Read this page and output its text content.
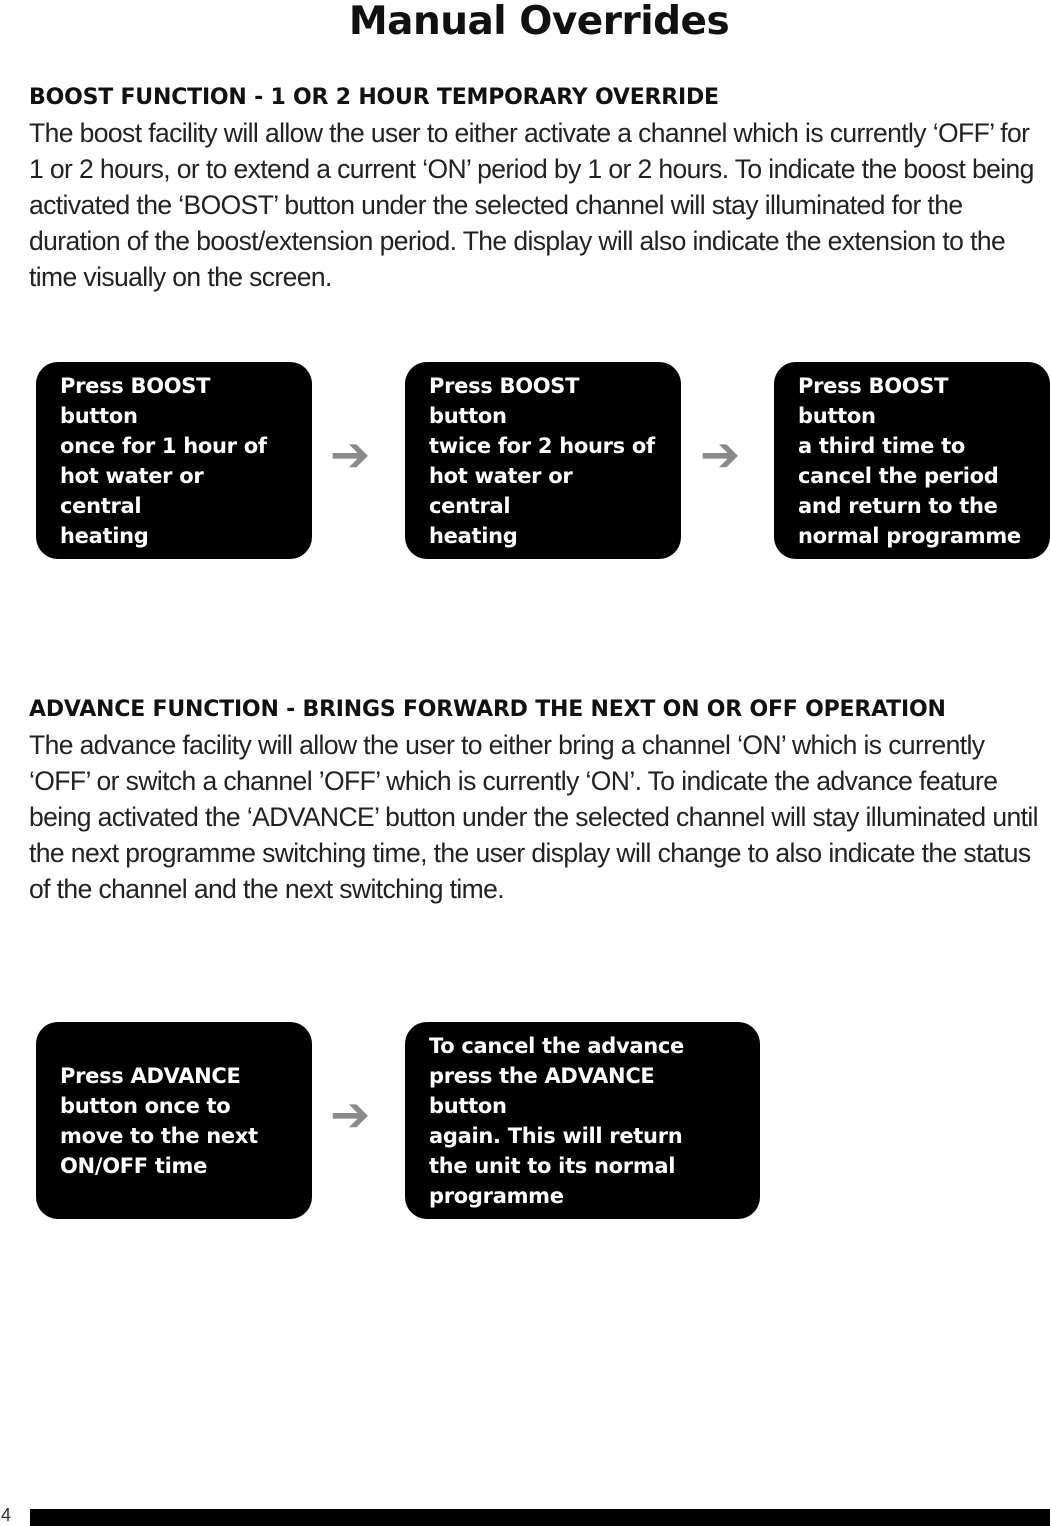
Manual Overrides
BOOST FUNCTION - 1 OR 2 HOUR TEMPORARY OVERRIDE
The boost facility will allow the user to either activate a channel which is currently ‘OFF’ for 1 or 2 hours, or to extend a current ‘ON’ period by 1 or 2 hours. To indicate the boost being activated the ‘BOOST’ button under the selected channel will stay illuminated for the duration of the boost/extension period. The display will also indicate the extension to the time visually on the screen.
Press BOOST button
once for 1 hour of
hot water or central
heating
➔
Press BOOST button
twice for 2 hours of
hot water or central
heating
➔
Press BOOST button
a third time to
cancel the period
and return to the
normal programme
ADVANCE FUNCTION - BRINGS FORWARD THE NEXT ON OR OFF OPERATION
The advance facility will allow the user to either bring a channel ‘ON’ which is currently ‘OFF’ or switch a channel ’OFF’ which is currently ‘ON’. To indicate the advance feature being activated the ‘ADVANCE’ button under the selected channel will stay illuminated until the next programme switching time, the user display will change to also indicate the status of the channel and the next switching time.
Press ADVANCE
button once to
move to the next
ON/OFF time
➔
To cancel the advance
press the ADVANCE button
again. This will return
the unit to its normal
programme
4
